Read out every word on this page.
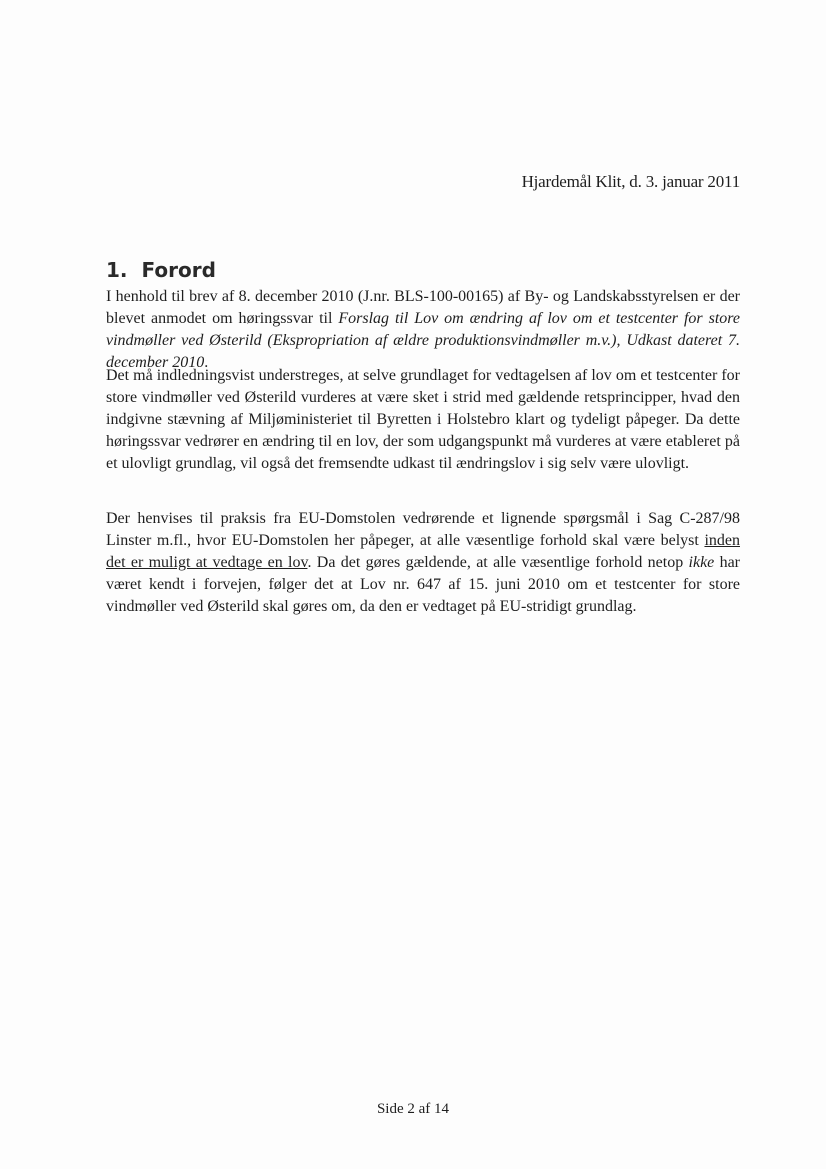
Hjardemål Klit, d. 3. januar 2011
1. Forord

I henhold til brev af 8. december 2010 (J.nr. BLS-100-00165) af By- og Landskabsstyrelsen er der blevet anmodet om høringssvar til Forslag til Lov om ændring af lov om et testcenter for store vindmøller ved Østerild (Ekspropriation af ældre produktionsvindmøller m.v.), Udkast dateret 7. december 2010.

Det må indledningsvist understreges, at selve grundlaget for vedtagelsen af lov om et testcenter for store vindmøller ved Østerild vurderes at være sket i strid med gældende retsprincipper, hvad den indgivne stævning af Miljøministeriet til Byretten i Holstebro klart og tydeligt påpeger. Da dette høringssvar vedrører en ændring til en lov, der som udgangspunkt må vurderes at være etableret på et ulovligt grundlag, vil også det fremsendte udkast til ændringslov i sig selv være ulovligt.

Der henvises til praksis fra EU-Domstolen vedrørende et lignende spørgsmål i Sag C-287/98 Linster m.fl., hvor EU-Domstolen her påpeger, at alle væsentlige forhold skal være belyst inden det er muligt at vedtage en lov. Da det gøres gældende, at alle væsentlige forhold netop ikke har været kendt i forvejen, følger det at Lov nr. 647 af 15. juni 2010 om et testcenter for store vindmøller ved Østerild skal gøres om, da den er vedtaget på EU-stridigt grundlag.

Side 2 af 14
